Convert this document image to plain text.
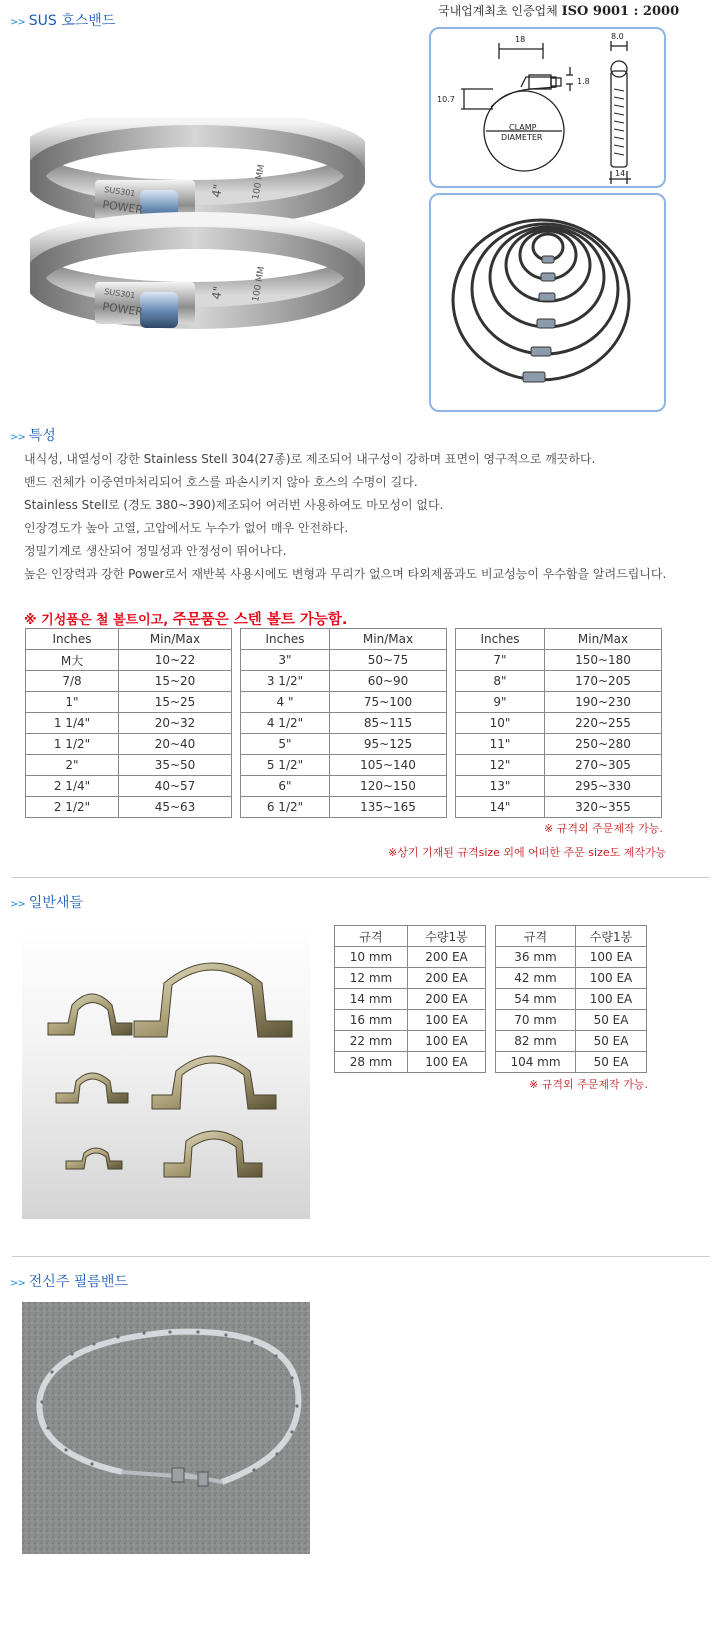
>> SUS 호스밴드
국내업계최초 인증업체 ISO 9001 : 2000
POWER
SUS301	4"	100 MM
POWER
SUS301	4"	100 MM
18	8.0
10.7
1.8
14
CLAMP
DIAMETER
>> 특성
내식성, 내열성이 강한 Stainless Stell 304(27종)로 제조되어 내구성이 강하며 표면이 영구적으로 깨끗하다.
밴드 전체가 이중연마처리되어 호스를 파손시키지 않아 호스의 수명이 길다.
Stainless Stell로 (경도 380~390)제조되어 여러번 사용하여도 마모성이 없다.
인장경도가 높아 고열, 고압에서도 누수가 없어 매우 안전하다.
정밀기계로 생산되어 정밀성과 안정성이 뛰어나다.
높은 인장력과 강한 Power로서 재반복 사용시에도 변형과 무리가 없으며 타외제품과도 비교성능이 우수함을 알려드립니다.
※ 기성품은 철 볼트이고, 주문품은 스텐 볼트 가능함.
Inches	Min/Max
M大	10~22
7/8	15~20
1"	15~25
1 1/4"	20~32
1 1/2"	20~40
2"	35~50
2 1/4"	40~57
2 1/2"	45~63
Inches	Min/Max
3"	50~75
3 1/2"	60~90
4 "	75~100
4 1/2"	85~115
5"	95~125
5 1/2"	105~140
6"	120~150
6 1/2"	135~165
Inches	Min/Max
7"	150~180
8"	170~205
9"	190~230
10"	220~255
11"	250~280
12"	270~305
13"	295~330
14"	320~355
※ 규격외 주문제작 가능.
※상기 기재된 규격size 외에 어떠한 주문 size도 제작가능
>> 일반새들
규격	수량1봉
10 mm	200 EA
12 mm	200 EA
14 mm	200 EA
16 mm	100 EA
22 mm	100 EA
28 mm	100 EA
규격	수량1봉
36 mm	100 EA
42 mm	100 EA
54 mm	100 EA
70 mm	50 EA
82 mm	50 EA
104 mm	50 EA
※ 규격외 주문제작 가능.
>> 전신주 필름밴드
